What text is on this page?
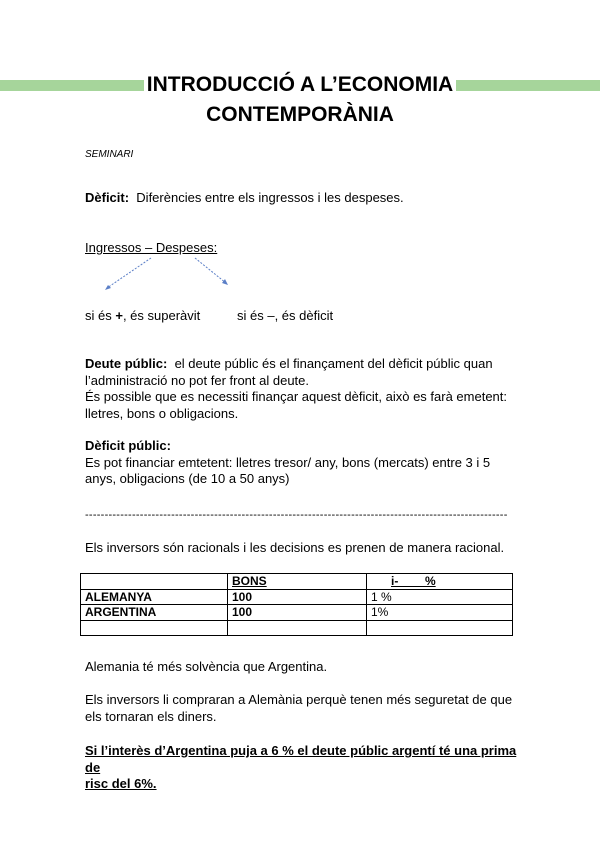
INTRODUCCIÓ A L’ECONOMIA
CONTEMPORÀNIA
SEMINARI
Dèficit: Diferències entre els ingressos i les despeses.
Ingressos – Despeses:
si és +, és superàvit	si és –, és dèficit
Deute públic: el deute públic és el finançament del dèficit públic quan
l’administració no pot fer front al deute.
És possible que es necessiti finançar aquest dèficit, això es farà emetent:
lletres, bons o obligacions.
Dèficit públic:
Es pot financiar emtetent: lletres tresor/ any, bons (mercats) entre 3 i 5
anys, obligacions (de 10 a 50 anys)
------------------------------------------------------------------------------------------------------------
Els inversors són racionals i les decisions es prenen de manera racional.
	BONS	i-        %
ALEMANYA	100	1 %
ARGENTINA	100	1%

Alemania té més solvència que Argentina.
Els inversors li compraran a Alemània perquè tenen més seguretat de que
els tornaran els diners.
Si l’interès d’Argentina puja a 6 % el deute públic argentí té una prima de
risc del 6%.
